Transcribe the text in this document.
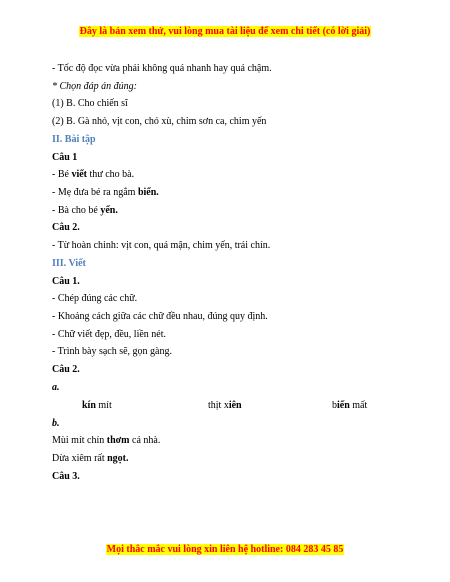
Đây là bản xem thử, vui lòng mua tài liệu để xem chi tiết (có lời giải)
- Tốc độ đọc vừa phải không quá nhanh hay quá chậm.
* Chọn đáp án đúng:
(1) B. Cho chiến sĩ
(2) B. Gà nhỏ, vịt con, chó xù, chim sơn ca, chim yến
II. Bài tập
Câu 1
- Bé viết thư cho bà.
- Mẹ đưa bé ra ngắm biển.
- Bà cho bé yến.
Câu 2.
- Từ hoàn chỉnh: vịt con, quả mận, chim yến, trái chín.
III. Viết
Câu 1.
- Chép đúng các chữ.
- Khoảng cách giữa các chữ đều nhau, đúng quy định.
- Chữ viết đẹp, đều, liền nét.
- Trình bày sạch sẽ, gọn gàng.
Câu 2.
a.
kín mít	thịt xiên	biến mất
b.
Mùi mít chín thơm cả nhà.
Dừa xiêm rất ngọt.
Câu 3.
Mọi thắc mắc vui lòng xin liên hệ hotline: 084 283 45 85
